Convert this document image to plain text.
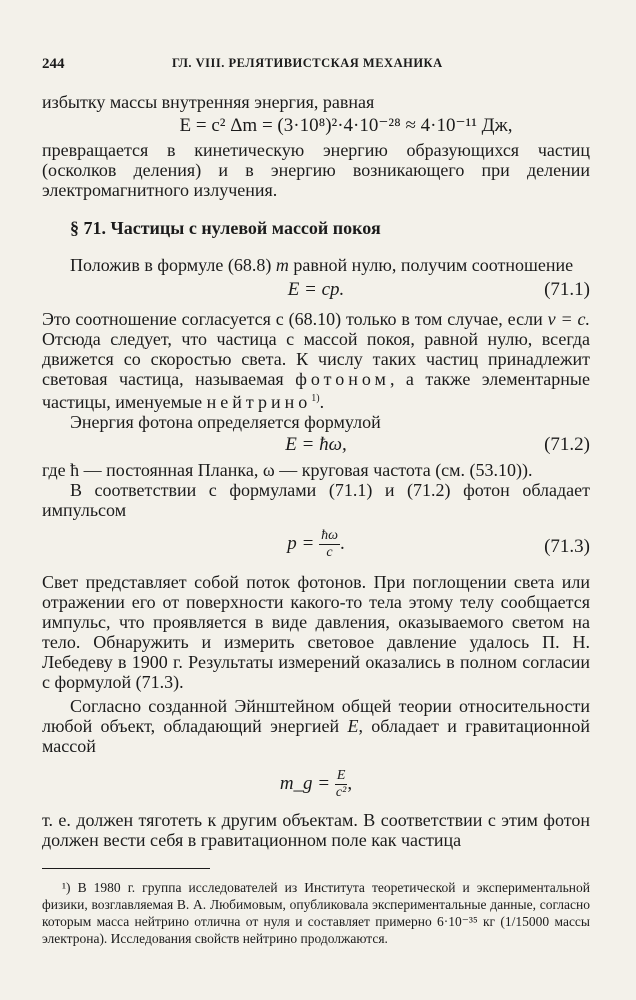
244	ГЛ. VIII. РЕЛЯТИВИСТСКАЯ МЕХАНИКА

избытку массы внутренняя энергия, равная

E = c² Δm = (3·10⁸)²·4·10⁻²⁸ ≈ 4·10⁻¹¹ Дж,

превращается в кинетическую энергию образующихся частиц (осколков деления) и в энергию возникающего при делении электромагнитного излучения.

§ 71. Частицы с нулевой массой покоя

Положив в формуле (68.8) m равной нулю, получим соотношение

E = cp.	(71.1)

Это соотношение согласуется с (68.10) только в том случае, если v = c. Отсюда следует, что частица с массой покоя, равной нулю, всегда движется со скоростью света. К числу таких частиц принадлежит световая частица, называемая фотоном, а также элементарные частицы, именуемые нейтрино$^{1)}$.

Энергия фотона определяется формулой

E = ħω,	(71.2)

где ħ — постоянная Планка, ω — круговая частота (см. (53.10)).

В соответствии с формулами (71.1) и (71.2) фотон обладает импульсом

$p = \frac{ħ\omega}{c}$ .	(71.3)

Свет представляет собой поток фотонов. При поглощении света или отражении его от поверхности какого-то тела этому телу сообщается импульс, что проявляется в виде давления, оказываемого светом на тело. Обнаружить и измерить световое давление удалось П. Н. Лебедеву в 1900 г. Результаты измерений оказались в полном согласии с формулой (71.3).

Согласно созданной Эйнштейном общей теории относительности любой объект, обладающий энергией E, обладает и гравитационной массой

m_g = $\frac{E}{\text{c²}}$ ,

т. е. должен тяготеть к другим объектам. В соответствии с этим фотон должен вести себя в гравитационном поле как частица

¹) В 1980 г. группа исследователей из Института теоретической и экспериментальной физики, возглавляемая В. А. Любимовым, опубликовала экспериментальные данные, согласно которым масса нейтрино отлична от нуля и составляет примерно 6·10⁻³⁵ кг (1/15000 массы электрона). Исследования свойств нейтрино продолжаются.
